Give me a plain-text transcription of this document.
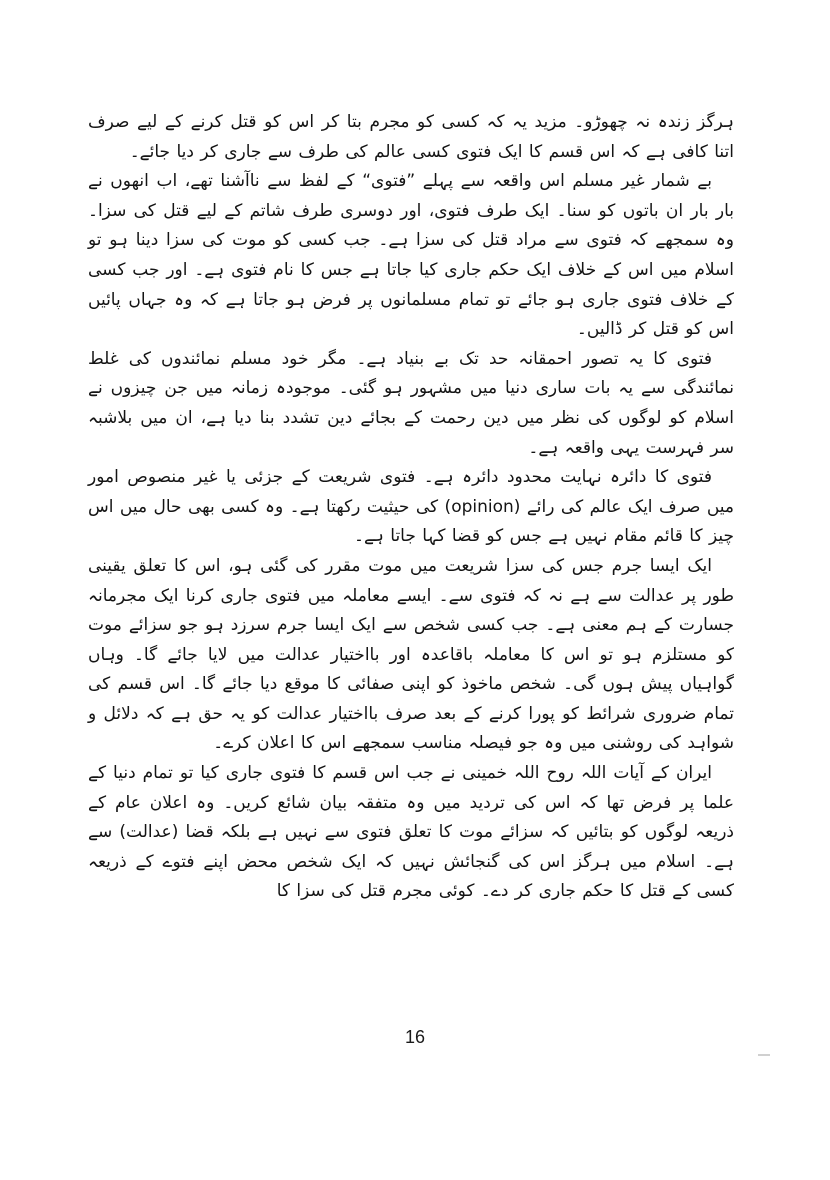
ہرگز زندہ نہ چھوڑو۔ مزید یہ کہ کسی کو مجرم بتا کر اس کو قتل کرنے کے لیے صرف اتنا کافی ہے کہ اس قسم کا ایک فتوی کسی عالم کی طرف سے جاری کر دیا جائے۔

بے شمار غیر مسلم اس واقعہ سے پہلے ”فتوی“ کے لفظ سے ناآشنا تھے، اب انھوں نے بار بار ان باتوں کو سنا۔ ایک طرف فتوی، اور دوسری طرف شاتم کے لیے قتل کی سزا۔ وہ سمجھے کہ فتوی سے مراد قتل کی سزا ہے۔ جب کسی کو موت کی سزا دینا ہو تو اسلام میں اس کے خلاف ایک حکم جاری کیا جاتا ہے جس کا نام فتوی ہے۔ اور جب کسی کے خلاف فتوی جاری ہو جائے تو تمام مسلمانوں پر فرض ہو جاتا ہے کہ وہ جہاں پائیں اس کو قتل کر ڈالیں۔

فتوی کا یہ تصور احمقانہ حد تک بے بنیاد ہے۔ مگر خود مسلم نمائندوں کی غلط نمائندگی سے یہ بات ساری دنیا میں مشہور ہو گئی۔ موجودہ زمانہ میں جن چیزوں نے اسلام کو لوگوں کی نظر میں دین رحمت کے بجائے دین تشدد بنا دیا ہے، ان میں بلاشبہ سر فہرست یہی واقعہ ہے۔

فتوی کا دائرہ نہایت محدود دائرہ ہے۔ فتوی شریعت کے جزئی یا غیر منصوص امور میں صرف ایک عالم کی رائے (opinion) کی حیثیت رکھتا ہے۔ وہ کسی بھی حال میں اس چیز کا قائم مقام نہیں ہے جس کو قضا کہا جاتا ہے۔

ایک ایسا جرم جس کی سزا شریعت میں موت مقرر کی گئی ہو، اس کا تعلق یقینی طور پر عدالت سے ہے نہ کہ فتوی سے۔ ایسے معاملہ میں فتوی جاری کرنا ایک مجرمانہ جسارت کے ہم معنی ہے۔ جب کسی شخص سے ایک ایسا جرم سرزد ہو جو سزائے موت کو مستلزم ہو تو اس کا معاملہ باقاعدہ اور بااختیار عدالت میں لایا جائے گا۔ وہاں گواہیاں پیش ہوں گی۔ شخص ماخوذ کو اپنی صفائی کا موقع دیا جائے گا۔ اس قسم کی تمام ضروری شرائط کو پورا کرنے کے بعد صرف بااختیار عدالت کو یہ حق ہے کہ دلائل و شواہد کی روشنی میں وہ جو فیصلہ مناسب سمجھے اس کا اعلان کرے۔

ایران کے آیات اللہ روح اللہ خمینی نے جب اس قسم کا فتوی جاری کیا تو تمام دنیا کے علما پر فرض تھا کہ اس کی تردید میں وہ متفقہ بیان شائع کریں۔ وہ اعلان عام کے ذریعہ لوگوں کو بتائیں کہ سزائے موت کا تعلق فتوی سے نہیں ہے بلکہ قضا (عدالت) سے ہے۔ اسلام میں ہرگز اس کی گنجائش نہیں کہ ایک شخص محض اپنے فتوے کے ذریعہ کسی کے قتل کا حکم جاری کر دے۔ کوئی مجرم قتل کی سزا کا

16
